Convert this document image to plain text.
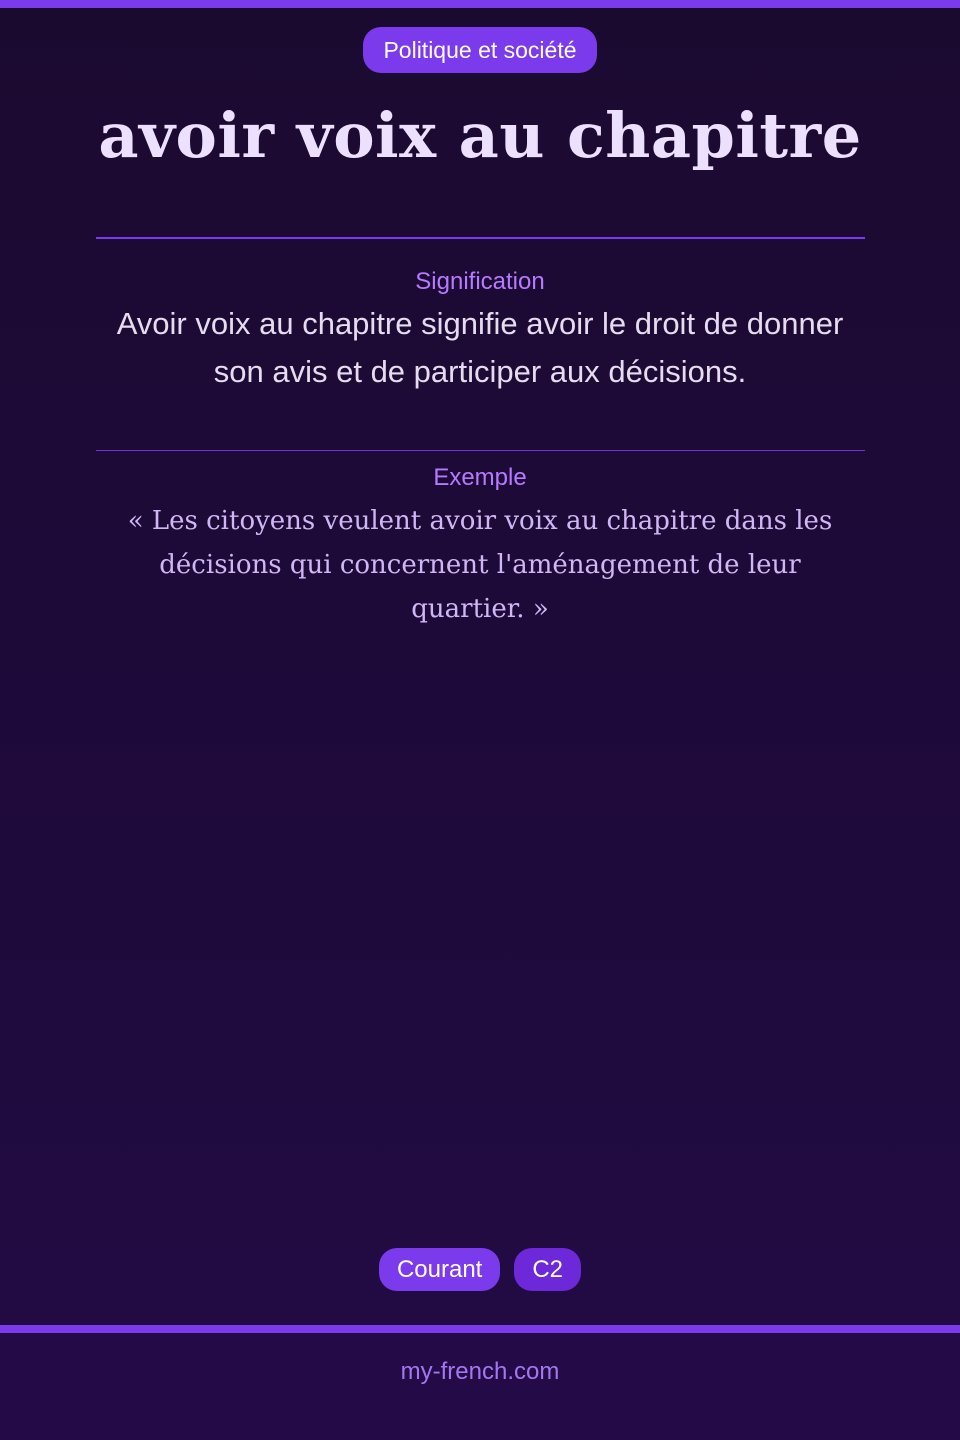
Politique et société
avoir voix au chapitre
Signification
Avoir voix au chapitre signifie avoir le droit de donner son avis et de participer aux décisions.
Exemple
« Les citoyens veulent avoir voix au chapitre dans les décisions qui concernent l'aménagement de leur quartier. »
Courant C2
my-french.com
